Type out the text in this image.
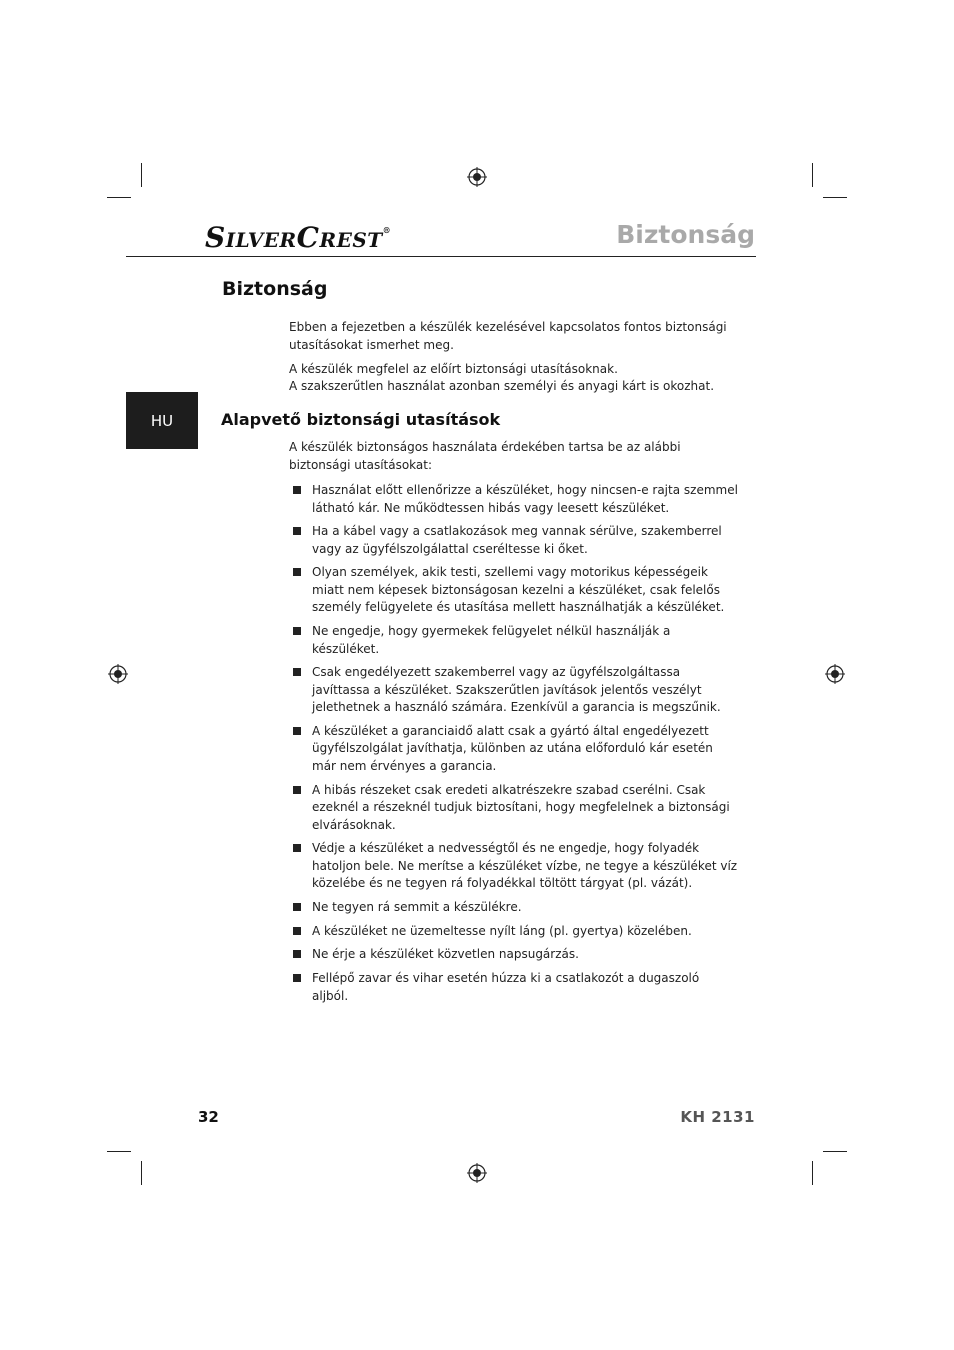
SILVERCREST®	Biztonság
HU
Biztonság
Ebben a fejezetben a készülék kezelésével kapcsolatos fontos biztonsági utasításokat ismerhet meg.
A készülék megfelel az előírt biztonsági utasításoknak.
A szakszerűtlen használat azonban személyi és anyagi kárt is okozhat.
Alapvető biztonsági utasítások
A készülék biztonságos használata érdekében tartsa be az alábbi biztonsági utasításokat:
Használat előtt ellenőrizze a készüléket, hogy nincsen-e rajta szemmel látható kár. Ne működtessen hibás vagy leesett készüléket.
Ha a kábel vagy a csatlakozások meg vannak sérülve, szakemberrel vagy az ügyfélszolgálattal cseréltesse ki őket.
Olyan személyek, akik testi, szellemi vagy motorikus képességeik miatt nem képesek biztonságosan kezelni a készüléket, csak felelős személy felügyelete és utasítása mellett használhatják a készüléket.
Ne engedje, hogy gyermekek felügyelet nélkül használják a készüléket.
Csak engedélyezett szakemberrel vagy az ügyfélszolgáltassa javíttassa a készüléket. Szakszerűtlen javítások jelentős veszélyt jelethetnek a használó számára. Ezenkívül a garancia is megszűnik.
A készüléket a garanciaidő alatt csak a gyártó által engedélyezett ügyfélszolgálat javíthatja, különben az utána előforduló kár esetén már nem érvényes a garancia.
A hibás részeket csak eredeti alkatrészekre szabad cserélni. Csak ezeknél a részeknél tudjuk biztosítani, hogy megfelelnek a biztonsági elvárásoknak.
Védje a készüléket a nedvességtől és ne engedje, hogy folyadék hatoljon bele. Ne merítse a készüléket vízbe, ne tegye a készüléket víz közelébe és ne tegyen rá folyadékkal töltött tárgyat (pl. vázát).
Ne tegyen rá semmit a készülékre.
A készüléket ne üzemeltesse nyílt láng (pl. gyertya) közelében.
Ne érje a készüléket közvetlen napsugárzás.
Fellépő zavar és vihar esetén húzza ki a csatlakozót a dugaszoló aljból.
32	KH 2131
